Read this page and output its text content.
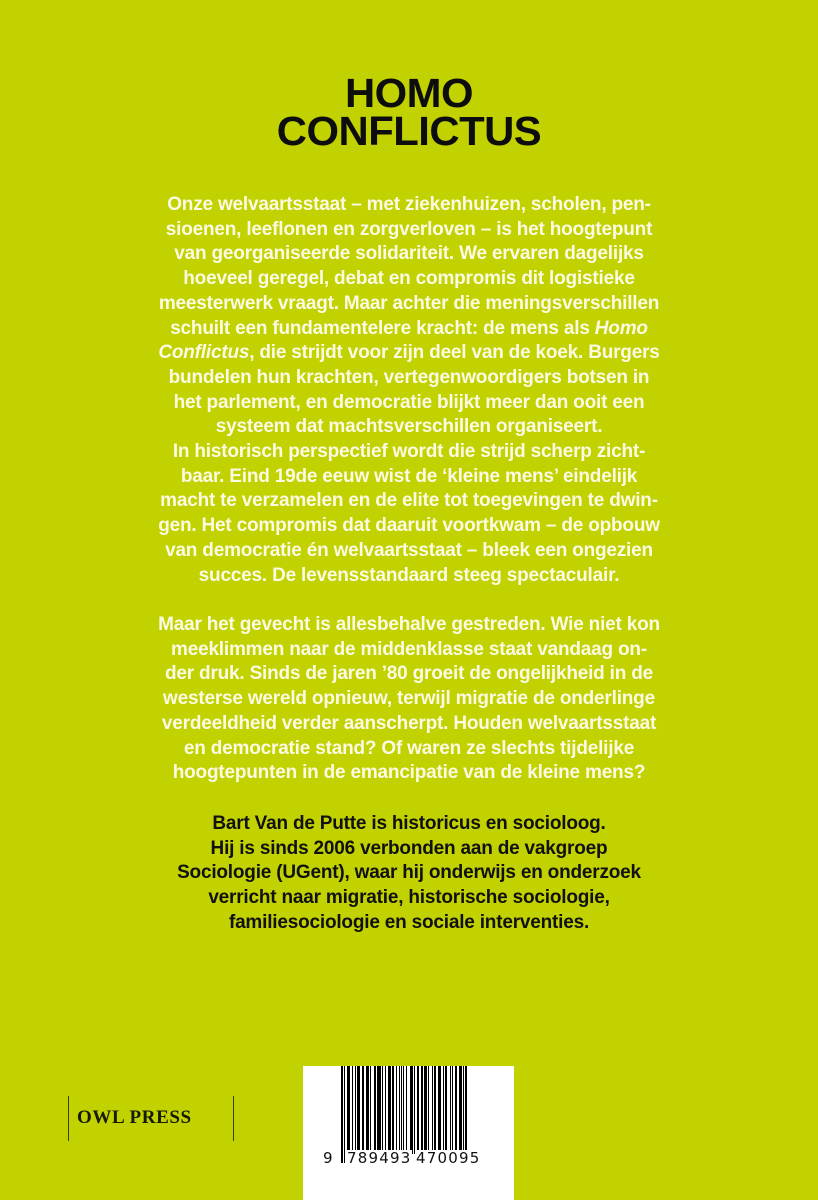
HOMO
CONFLICTUS
Onze welvaartsstaat – met ziekenhuizen, scholen, pen-
sioenen, leeflonen en zorgverloven – is het hoogtepunt
van georganiseerde solidariteit. We ervaren dagelijks
hoeveel geregel, debat en compromis dit logistieke
meesterwerk vraagt. Maar achter die meningsverschillen
schuilt een fundamentelere kracht: de mens als Homo
Conflictus, die strijdt voor zijn deel van de koek. Burgers
bundelen hun krachten, vertegenwoordigers botsen in
het parlement, en democratie blijkt meer dan ooit een
systeem dat machtsverschillen organiseert.
In historisch perspectief wordt die strijd scherp zicht-
baar. Eind 19de eeuw wist de ‘kleine mens’ eindelijk
macht te verzamelen en de elite tot toegevingen te dwin-
gen. Het compromis dat daaruit voortkwam – de opbouw
van democratie én welvaartsstaat – bleek een ongezien
succes. De levensstandaard steeg spectaculair.
Maar het gevecht is allesbehalve gestreden. Wie niet kon
meeklimmen naar de middenklasse staat vandaag on-
der druk. Sinds de jaren ’80 groeit de ongelijkheid in de
westerse wereld opnieuw, terwijl migratie de onderlinge
verdeeldheid verder aanscherpt. Houden welvaartsstaat
en democratie stand? Of waren ze slechts tijdelijke
hoogtepunten in de emancipatie van de kleine mens?
Bart Van de Putte is historicus en socioloog.
Hij is sinds 2006 verbonden aan de vakgroep
Sociologie (UGent), waar hij onderwijs en onderzoek
verricht naar migratie, historische sociologie,
familiesociologie en sociale interventies.
OWL PRESS
9 789493 470095
